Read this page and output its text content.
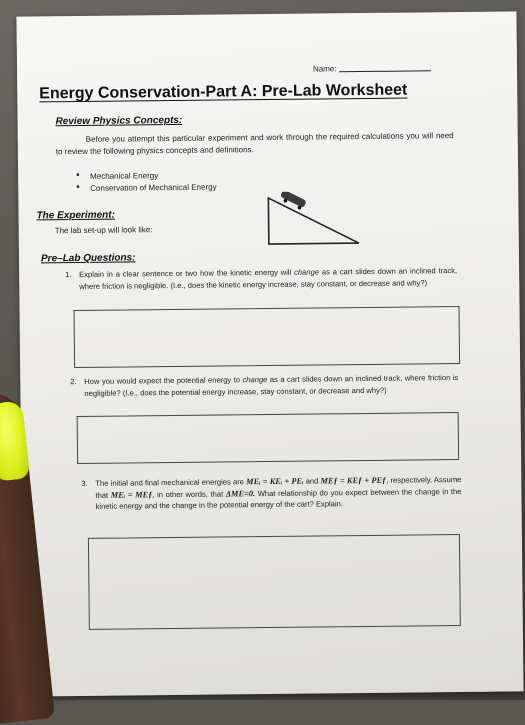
Name:
Energy Conservation-Part A: Pre-Lab Worksheet
Review Physics Concepts:
Before you attempt this particular experiment and work through the required calculations you will need to review the following physics concepts and definitions.
• Mechanical Energy
• Conservation of Mechanical Energy
The Experiment:
The lab set-up will look like:
Pre–Lab Questions:
1. Explain in a clear sentence or two how the kinetic energy will change as a cart slides down an inclined track, where friction is negligible. (I.e., does the kinetic energy increase, stay constant, or decrease and why?)
2. How you would expect the potential energy to change as a cart slides down an inclined track, where friction is negligible? (I.e., does the potential energy increase, stay constant, or decrease and why?)
3. The initial and final mechanical energies are MEᵢ = KEᵢ + PEᵢ and MEƒ = KEƒ + PEƒ, respectively. Assume that MEᵢ = MEƒ, in other words, that ΔME=0. What relationship do you expect between the change in the kinetic energy and the change in the potential energy of the cart? Explain.
